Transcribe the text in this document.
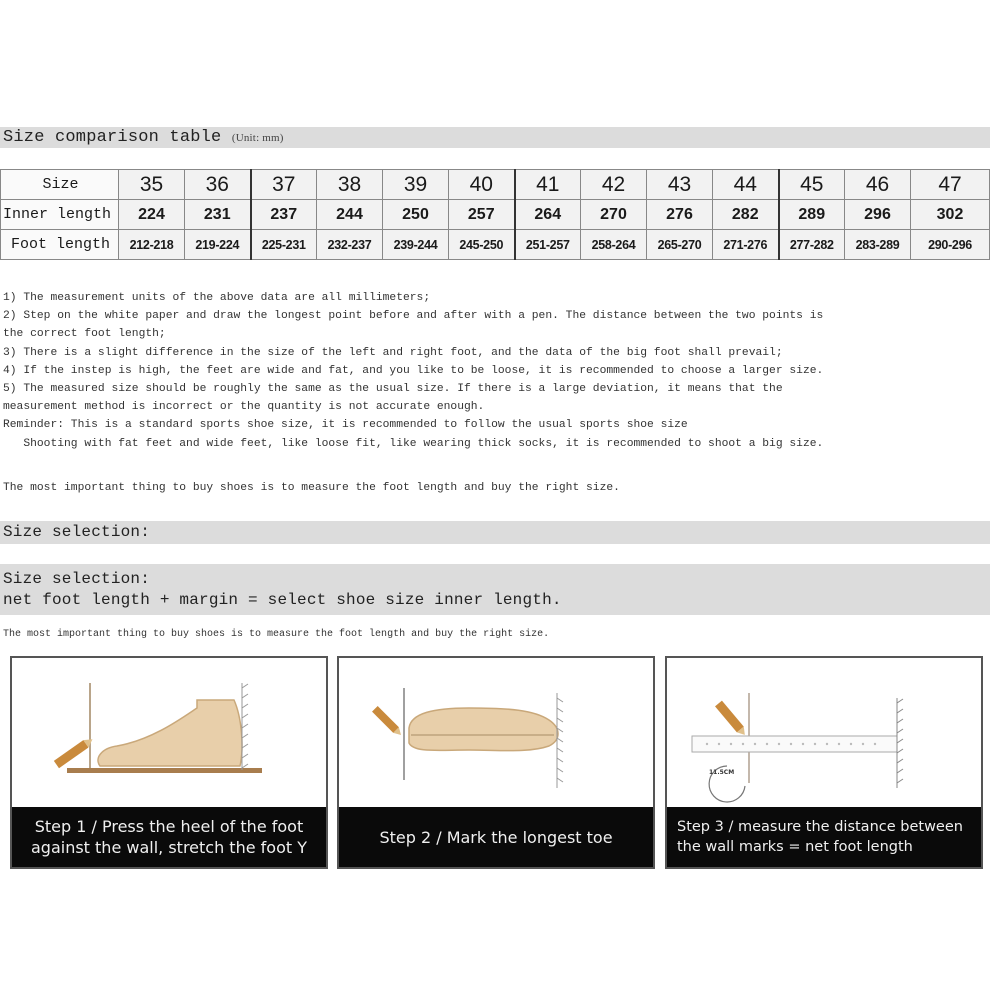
Size comparison table (Unit: mm)
Size	35	36	37	38	39	40	41	42	43	44	45	46	47
Inner length	224	231	237	244	250	257	264	270	276	282	289	296	302
Foot length	212-218	219-224	225-231	232-237	239-244	245-250	251-257	258-264	265-270	271-276	277-282	283-289	290-296
1) The measurement units of the above data are all millimeters;
2) Step on the white paper and draw the longest point before and after with a pen. The distance between the two points is
the correct foot length;
3) There is a slight difference in the size of the left and right foot, and the data of the big foot shall prevail;
4) If the instep is high, the feet are wide and fat, and you like to be loose, it is recommended to choose a larger size.
5) The measured size should be roughly the same as the usual size. If there is a large deviation, it means that the
measurement method is incorrect or the quantity is not accurate enough.
Reminder: This is a standard sports shoe size, it is recommended to follow the usual sports shoe size
Shooting with fat feet and wide feet, like loose fit, like wearing thick socks, it is recommended to shoot a big size.
The most important thing to buy shoes is to measure the foot length and buy the right size.
Size selection:
Size selection:
net foot length + margin = select shoe size inner length.
The most important thing to buy shoes is to measure the foot length and buy the right size.
Step 1 / Press the heel of the foot
against the wall, stretch the foot Y
Step 2 / Mark the longest toe
11.5CM
Step 3 / measure the distance between
the wall marks = net foot length
